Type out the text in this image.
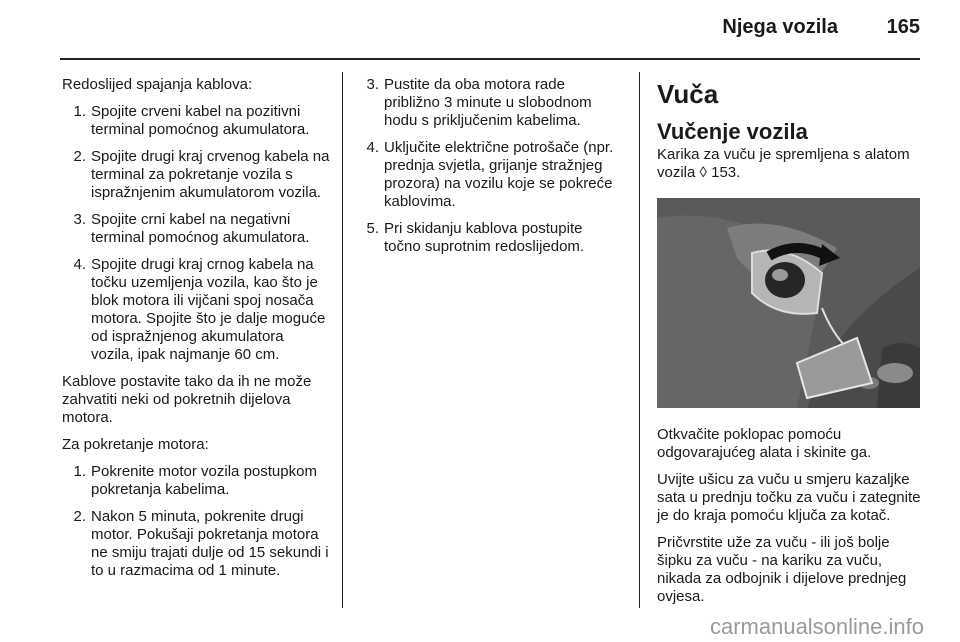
Njega vozila 165

Redoslijed spajanja kablova:

1. Spojite crveni kabel na pozitivni terminal pomoćnog akumulatora.
2. Spojite drugi kraj crvenog kabela na terminal za pokretanje vozila s ispražnjenim akumulatorom vozila.
3. Spojite crni kabel na negativni terminal pomoćnog akumulatora.
4. Spojite drugi kraj crnog kabela na točku uzemljenja vozila, kao što je blok motora ili vijčani spoj nosača motora. Spojite što je dalje moguće od ispražnjenog akumulatora vozila, ipak najmanje 60 cm.

Kablove postavite tako da ih ne može zahvatiti neki od pokretnih dijelova motora.

Za pokretanje motora:

1. Pokrenite motor vozila postupkom pokretanja kabelima.
2. Nakon 5 minuta, pokrenite drugi motor. Pokušaji pokretanja motora ne smiju trajati dulje od 15 sekundi i to u razmacima od 1 minute.
3. Pustite da oba motora rade približno 3 minute u slobodnom hodu s priključenim kabelima.
4. Uključite električne potrošače (npr. prednja svjetla, grijanje stražnjeg prozora) na vozilu koje se pokreće kablovima.
5. Pri skidanju kablova postupite točno suprotnim redoslijedom.
Vuča
Vučenje vozila

Karika za vuču je spremljena s alatom vozila ◊ 153.

Otkvačite poklopac pomoću odgovarajućeg alata i skinite ga.

Uvijte ušicu za vuču u smjeru kazaljke sata u prednju točku za vuču i zategnite je do kraja pomoću ključa za kotač.

Pričvrstite uže za vuču - ili još bolje šipku za vuču - na kariku za vuču, nikada za odbojnik i dijelove prednjeg ovjesa.

carmanualsonline.info
